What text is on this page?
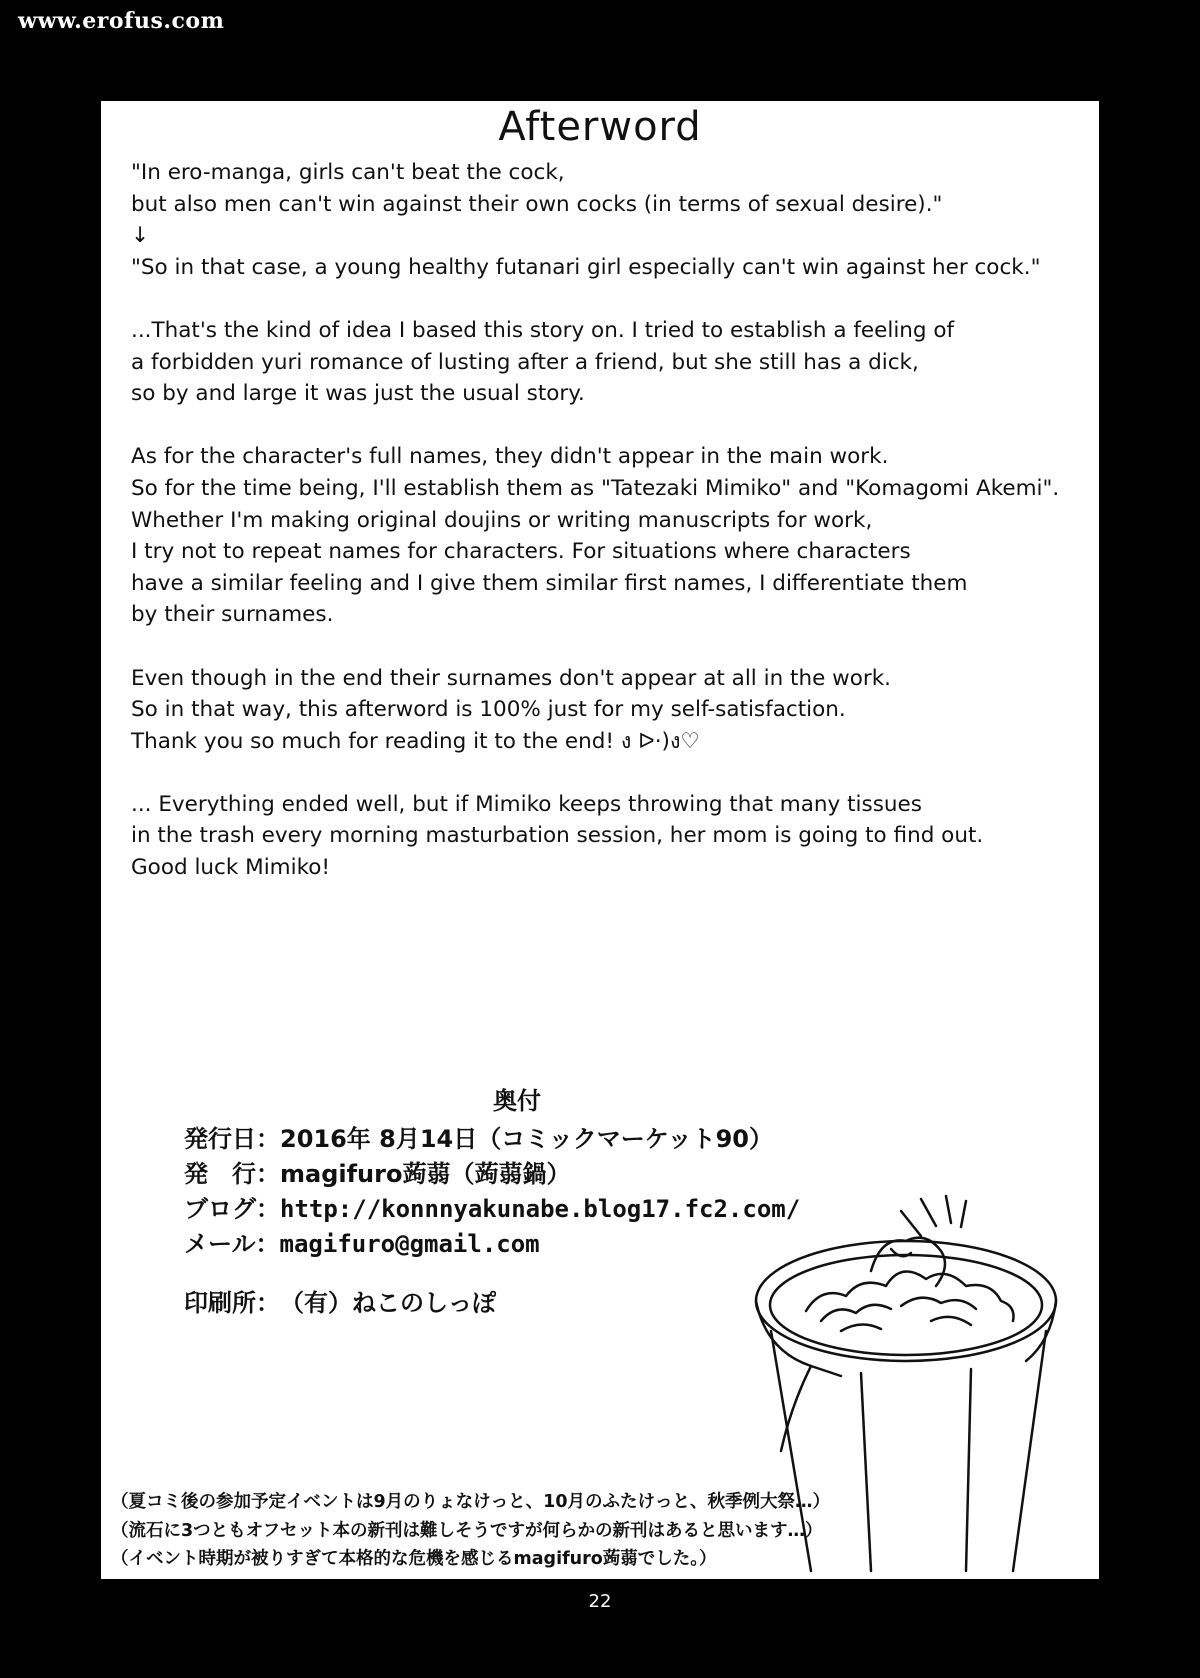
www.erofus.com
Afterword
"In ero-manga, girls can't beat the cock,
but also men can't win against their own cocks (in terms of sexual desire)."
↓
"So in that case, a young healthy futanari girl especially can't win against her cock."
...That's the kind of idea I based this story on. I tried to establish a feeling of
a forbidden yuri romance of lusting after a friend, but she still has a dick,
so by and large it was just the usual story.
As for the character's full names, they didn't appear in the main work.
So for the time being, I'll establish them as "Tatezaki Mimiko" and "Komagomi Akemi".
Whether I'm making original doujins or writing manuscripts for work,
I try not to repeat names for characters. For situations where characters
have a similar feeling and I give them similar first names, I differentiate them
by their surnames.
Even though in the end their surnames don't appear at all in the work.
So in that way, this afterword is 100% just for my self-satisfaction.
Thank you so much for reading it to the end! ง ᐅ·)ง♡
... Everything ended well, but if Mimiko keeps throwing that many tissues
in the trash every morning masturbation session, her mom is going to find out.
Good luck Mimiko!
奥付
発行日：2016年 8月14日（コミックマーケット90）
発　行：magifuro蒟蒻（蒟蒻鍋）
ブログ：http://konnnyakunabe.blog17.fc2.com/
メール：magifuro@gmail.com
印刷所：（有）ねこのしっぽ
（夏コミ後の参加予定イベントは9月のりょなけっと、10月のふたけっと、秋季例大祭…）
（流石に3つともオフセット本の新刊は難しそうですが何らかの新刊はあると思います…）
（イベント時期が被りすぎて本格的な危機を感じるmagifuro蒟蒻でした。）
22
